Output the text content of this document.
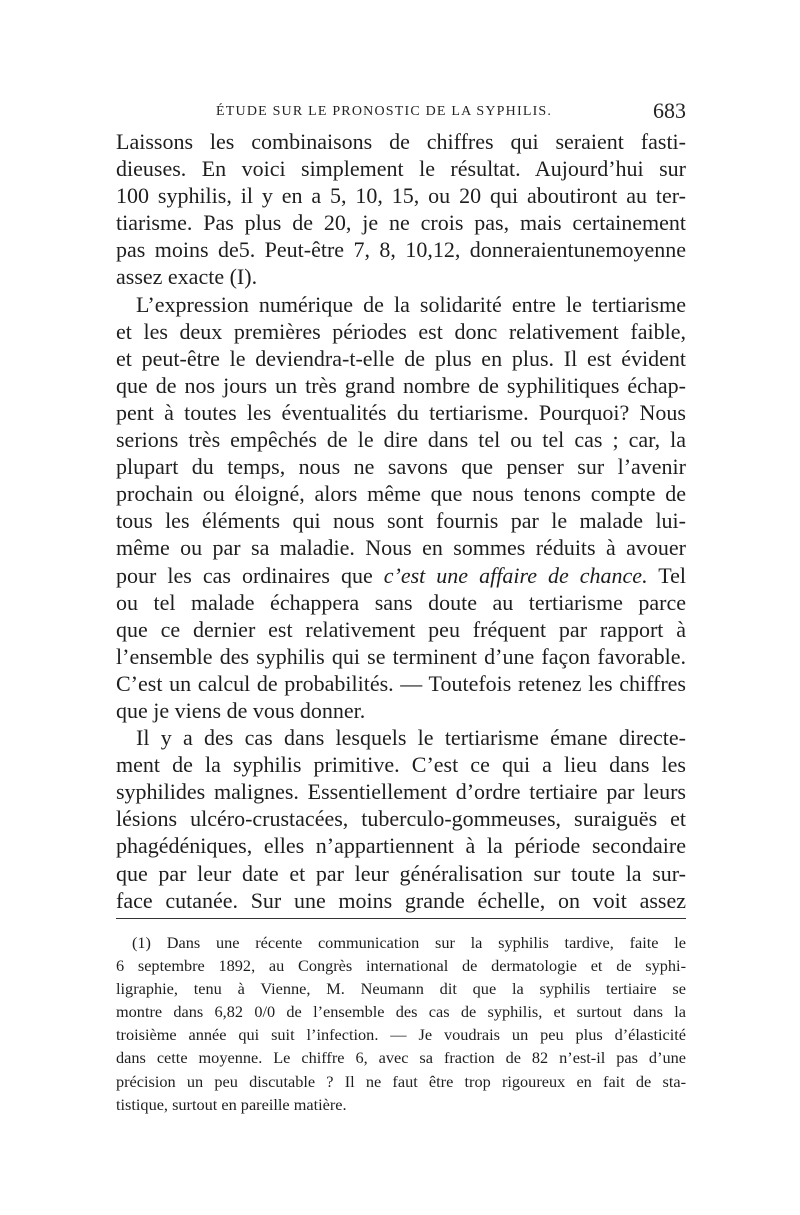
ÉTUDE SUR LE PRONOSTIC DE LA SYPHILIS.	683
Laissons les combinaisons de chiffres qui seraient fasti-
dieuses. En voici simplement le résultat. Aujourd’hui sur
100 syphilis, il y en a 5, 10, 15, ou 20 qui aboutiront au ter-
tiarisme. Pas plus de 20, je ne crois pas, mais certainement
pas moins de5. Peut-être 7, 8, 10,12, donneraientunemoyenne
assez exacte (I).
L’expression numérique de la solidarité entre le tertiarisme
et les deux premières périodes est donc relativement faible,
et peut-être le deviendra-t-elle de plus en plus. Il est évident
que de nos jours un très grand nombre de syphilitiques échap-
pent à toutes les éventualités du tertiarisme. Pourquoi? Nous
serions très empêchés de le dire dans tel ou tel cas ; car, la
plupart du temps, nous ne savons que penser sur l’avenir
prochain ou éloigné, alors même que nous tenons compte de
tous les éléments qui nous sont fournis par le malade lui-
même ou par sa maladie. Nous en sommes réduits à avouer
pour les cas ordinaires que c’est une affaire de chance. Tel
ou tel malade échappera sans doute au tertiarisme parce
que ce dernier est relativement peu fréquent par rapport à
l’ensemble des syphilis qui se terminent d’une façon favorable.
C’est un calcul de probabilités. — Toutefois retenez les chiffres
que je viens de vous donner.
Il y a des cas dans lesquels le tertiarisme émane directe-
ment de la syphilis primitive. C’est ce qui a lieu dans les
syphilides malignes. Essentiellement d’ordre tertiaire par leurs
lésions ulcéro-crustacées, tuberculo-gommeuses, suraiguës et
phagédéniques, elles n’appartiennent à la période secondaire
que par leur date et par leur généralisation sur toute la sur-
face cutanée. Sur une moins grande échelle, on voit assez
(1) Dans une récente communication sur la syphilis tardive, faite le
6 septembre 1892, au Congrès international de dermatologie et de syphi-
ligraphie, tenu à Vienne, M. Neumann dit que la syphilis tertiaire se
montre dans 6,82 0/0 de l’ensemble des cas de syphilis, et surtout dans la
troisième année qui suit l’infection. — Je voudrais un peu plus d’élasticité
dans cette moyenne. Le chiffre 6, avec sa fraction de 82 n’est-il pas d’une
précision un peu discutable ? Il ne faut être trop rigoureux en fait de sta-
tistique, surtout en pareille matière.
